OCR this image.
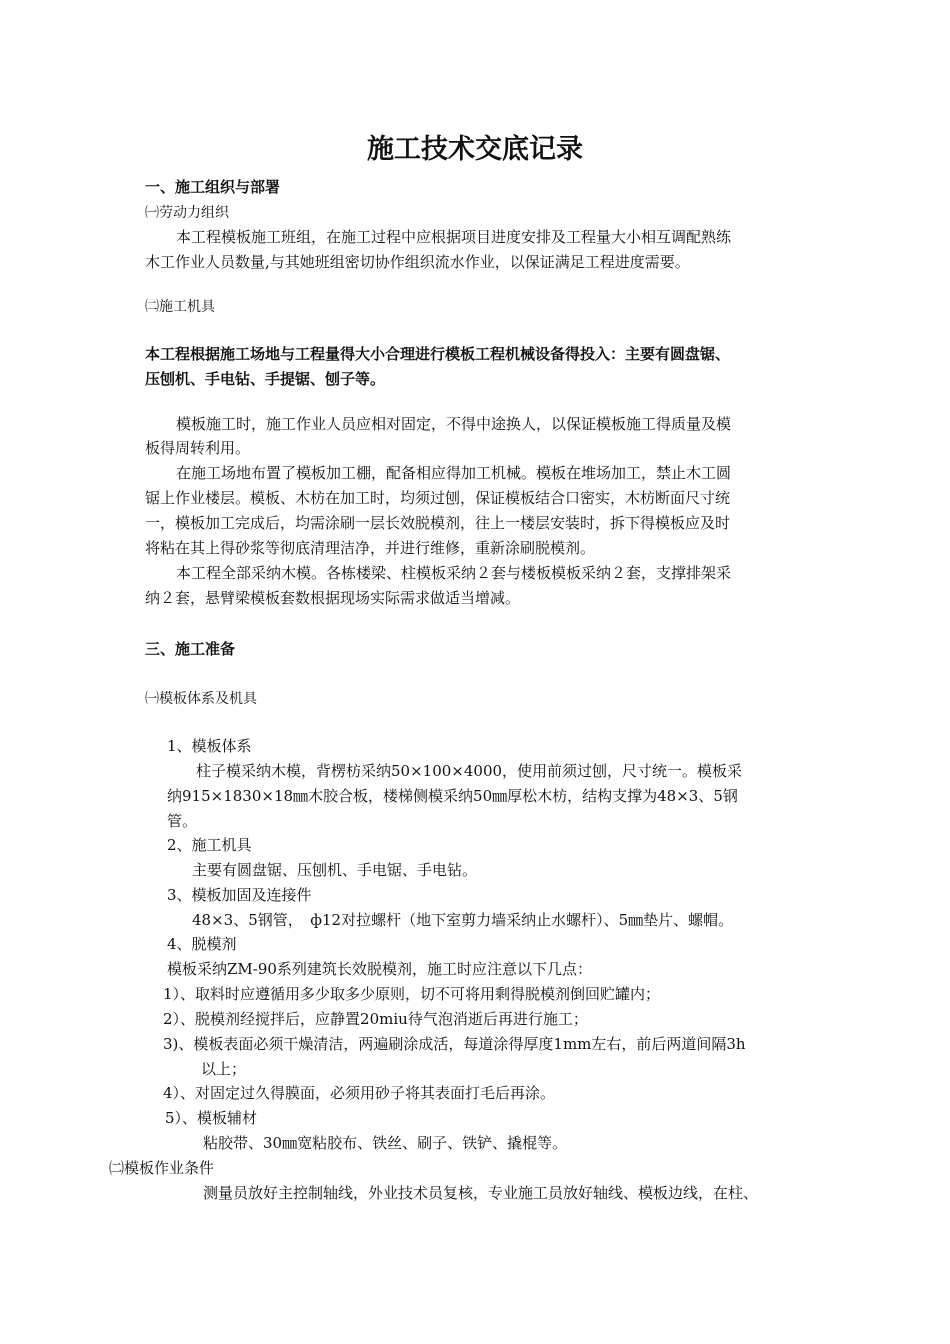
施工技术交底记录
一、施工组织与部署
㈠劳动力组织
本工程模板施工班组，在施工过程中应根据项目进度安排及工程量大小相互调配熟练
木工作业人员数量,与其她班组密切协作组织流水作业，以保证满足工程进度需要。
㈡施工机具
本工程根据施工场地与工程量得大小合理进行模板工程机械设备得投入：主要有圆盘锯、
压刨机、手电钻、手提锯、刨子等。
模板施工时，施工作业人员应相对固定，不得中途换人，以保证模板施工得质量及模
板得周转利用。
在施工场地布置了模板加工棚，配备相应得加工机械。模板在堆场加工，禁止木工圆
锯上作业楼层。模板、木枋在加工时，均须过刨，保证模板结合口密实，木枋断面尺寸统
一，模板加工完成后，均需涂刷一层长效脱模剂，往上一楼层安装时，拆下得模板应及时
将粘在其上得砂浆等彻底清理洁净，并进行维修，重新涂刷脱模剂。
本工程全部采纳木模。各栋楼梁、柱模板采纳２套与楼板模板采纳２套，支撑排架采
纳２套，悬臂梁模板套数根据现场实际需求做适当增减。
三、施工准备
㈠模板体系及机具
1、模板体系
柱子模采纳木模，背楞枋采纳50×100×4000，使用前须过刨，尺寸统一。模板采
纳915×1830×18㎜木胶合板，楼梯侧模采纳50㎜厚松木枋，结构支撑为48×3、5钢
管。
2、施工机具
主要有圆盘锯、压刨机、手电锯、手电钻。
3、模板加固及连接件
48×3、5钢管，　ф12对拉螺杆（地下室剪力墙采纳止水螺杆）、5㎜垫片、螺帽。
4、脱模剂
模板采纳ZM-90系列建筑长效脱模剂，施工时应注意以下几点：
1）、取料时应遵循用多少取多少原则，切不可将用剩得脱模剂倒回贮罐内；
2）、脱模剂经搅拌后，应静置20miu待气泡消逝后再进行施工；
3)、模板表面必须干燥清洁，两遍刷涂成活，每道涂得厚度1mm左右，前后两道间隔3h
以上；
4）、对固定过久得膜面，必须用砂子将其表面打毛后再涂。
5）、模板辅材
粘胶带、30㎜宽粘胶布、铁丝、刷子、铁铲、撬棍等。
㈡模板作业条件
测量员放好主控制轴线，外业技术员复核，专业施工员放好轴线、模板边线，在柱、
